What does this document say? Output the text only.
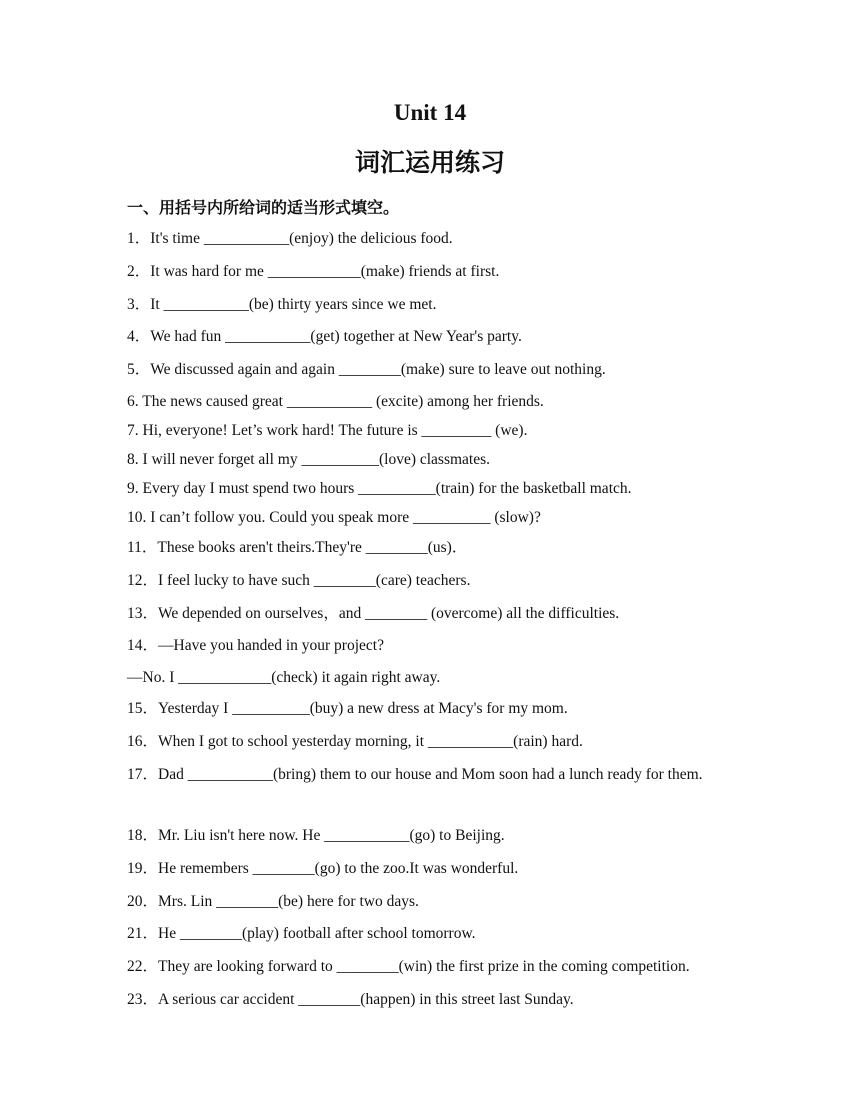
Unit 14
词汇运用练习

一、用括号内所给词的适当形式填空。

1．It's time ___________(enjoy) the delicious food.

2．It was hard for me ____________(make) friends at first.

3．It ___________(be) thirty years since we met.

4．We had fun ___________(get) together at New Year's party.

5．We discussed again and again ________(make) sure to leave out nothing.

6. The news caused great ___________ (excite) among her friends.

7. Hi, everyone! Let’s work hard! The future is _________ (we).

8. I will never forget all my __________(love) classmates.

9. Every day I must spend two hours __________(train) for the basketball match.

10. I can’t follow you. Could you speak more __________ (slow)?

11．These books aren't theirs.They're ________(us)．

12．I feel lucky to have such ________(care) teachers.

13．We depended on ourselves，and ________ (overcome) all the difficulties.

14．—Have you handed in your project?

—No. I ____________(check) it again right away.

15．Yesterday I __________(buy) a new dress at Macy's for my mom.

16．When I got to school yesterday morning, it ___________(rain) hard.

17．Dad ___________(bring) them to our house and Mom soon had a lunch ready for them.

18．Mr. Liu isn't here now. He ___________(go) to Beijing.

19．He remembers ________(go) to the zoo.It was wonderful.

20．Mrs. Lin ________(be) here for two days.

21．He ________(play) football after school tomorrow.

22．They are looking forward to ________(win) the first prize in the coming competition.

23．A serious car accident ________(happen) in this street last Sunday.
